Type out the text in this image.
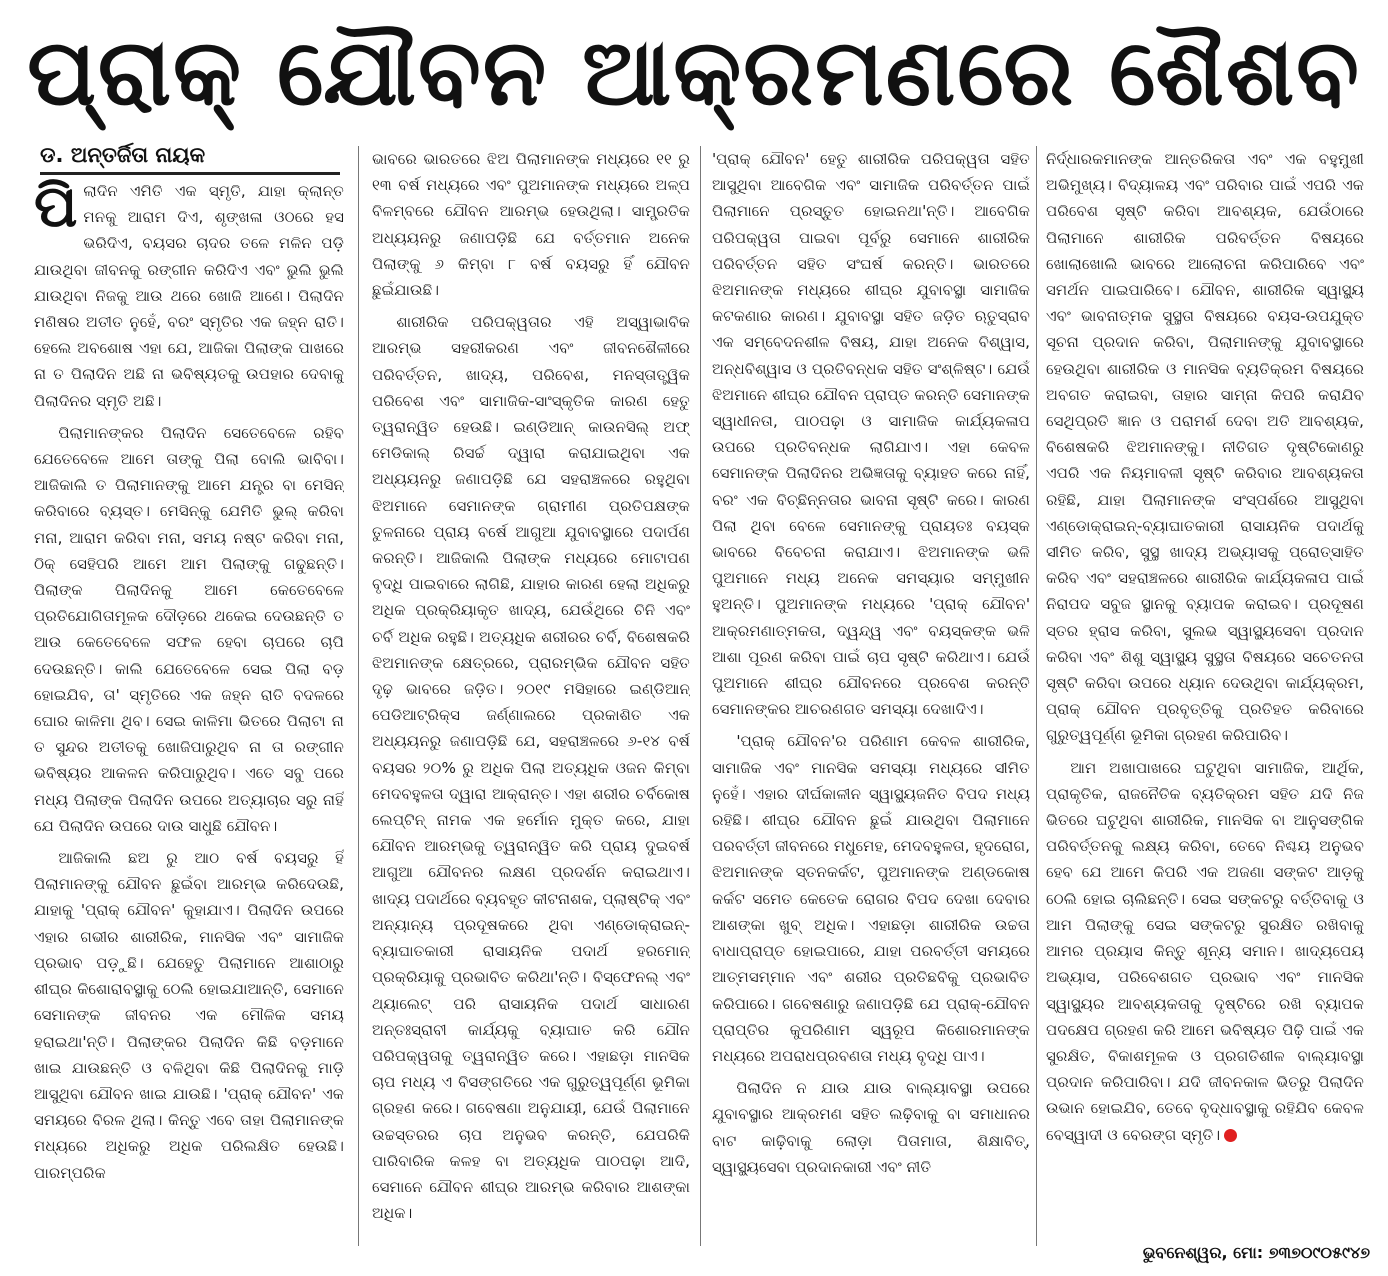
ପ୍ରାକ୍ ଯୌବନ ଆକ୍ରମଣରେ ଶୈଶବ
ଡ. ଅନ୍ତର୍ଜିତା ନାୟକ

ପିଲାଦିନ ଏମିତି ଏକ ସ୍ମୃତି, ଯାହା କ୍ଲାନ୍ତ ମନକୁ ଆରାମ ଦିଏ, ଶୃଙ୍ଖଳା ଓଠରେ ହସ ଭରିଦିଏ, ବୟସର ଚାଦର ତଳେ ମଳିନ ପଡ଼ି ଯାଉଥିବା ଜୀବନକୁ ରଙ୍ଗୀନ କରିଦିଏ ଏବଂ ଭୁଲି ଭୁଲି ଯାଉଥିବା ନିଜକୁ ଆଉ ଥରେ ଖୋଜି ଆଣେ। ପିଲାଦିନ ମଣିଷର ଅତୀତ ନୁହେଁ, ବରଂ ସ୍ମୃତିର ଏକ ଜହ୍ନ ରାତି। ହେଲେ ଅବଶୋଷ ଏହା ଯେ, ଆଜିକା ପିଲାଙ୍କ ପାଖରେ ନା ତ ପିଲାଦିନ ଅଛି ନା ଭବିଷ୍ୟତକୁ ଉପହାର ଦେବାକୁ ପିଲାଦିନର ସ୍ମୃତି ଅଛି।

ପିଲାମାନଙ୍କର ପିଲାଦିନ ସେତେବେଳେ ରହିବ ଯେତେବେଳେ ଆମେ ତାଙ୍କୁ ପିଲା ବୋଲି ଭାବିବା। ଆଜିକାଲି ତ ପିଲାମାନଙ୍କୁ ଆମେ ଯନ୍ତ୍ର ବା ମେସିନ୍ କରିବାରେ ବ୍ୟସ୍ତ। ମେସିନ୍‌କୁ ଯେମିତି ଭୁଲ୍ କରିବା ମନା, ଆରାମ କରିବା ମନା, ସମୟ ନଷ୍ଟ କରିବା ମନା, ଠିକ୍ ସେହିପରି ଆମେ ଆମ ପିଲାଙ୍କୁ ଗଢୁଛନ୍ତି। ପିଲାଙ୍କ ପିଲାଦିନକୁ ଆମେ କେତେବେଳେ ପ୍ରତିଯୋଗିତାମୂଳକ ଦୌଡ଼ରେ ଥକେଇ ଦେଉଛନ୍ତି ତ ଆଉ କେତେବେଳେ ସଫଳ ହେବା ଚାପରେ ଚାପି ଦେଉଛନ୍ତି। କାଲି ଯେତେବେଳେ ସେଇ ପିଲା ବଡ଼ ହୋଇଯିବ, ତା' ସ୍ମୃତିରେ ଏକ ଜହ୍ନ ରାତି ବଦଳରେ ଘୋର କାଳିମା ଥିବ। ସେଇ କାଳିମା ଭିତରେ ପିଲାଟା ନା ତ ସୁନ୍ଦର ଅତୀତକୁ ଖୋଜିପାରୁଥିବ ନା ତା ରଙ୍ଗୀନ ଭବିଷ୍ୟର ଆକଳନ କରିପାରୁଥିବ। ଏତେ ସବୁ ପରେ ମଧ୍ୟ ପିଲାଙ୍କ ପିଲାଦିନ ଉପରେ ଅତ୍ୟାଚାର ସରୁ ନାହିଁ ଯେ ପିଲାଦିନ ଉପରେ ଦାଉ ସାଧୁଛି ଯୌବନ।

ଆଜିକାଲି ଛଅ ରୁ ଆଠ ବର୍ଷ ବୟସରୁ ହିଁ ପିଲାମାନଙ୍କୁ ଯୌବନ ଛୁଇଁବା ଆରମ୍ଭ କରିଦେଉଛି, ଯାହାକୁ 'ପ୍ରାକ୍ ଯୌବନ' କୁହାଯାଏ। ପିଲାଦିନ ଉପରେ ଏହାର ଗଭୀର ଶାରୀରିକ, ମାନସିକ ଏବଂ ସାମାଜିକ ପ୍ରଭାବ ପଡ଼ୁଛି। ଯେହେତୁ ପିଲାମାନେ ଆଶାଠାରୁ ଶୀଘ୍ର କିଶୋରାବସ୍ଥାକୁ ଠେଲି ହୋଇଯାଆନ୍ତି, ସେମାନେ ସେମାନଙ୍କ ଜୀବନର ଏକ ମୌଳିକ ସମୟ ହରାଇଥା'ନ୍ତି। ପିଲାଙ୍କର ପିଲାଦିନ କିଛି ବଡ଼ମାନେ ଖାଇ ଯାଉଛନ୍ତି ଓ ବଳିଥିବା କିଛି ପିଲାଦିନକୁ ମାଡ଼ି ଆସୁଥିବା ଯୌବନ ଖାଇ ଯାଉଛି। 'ପ୍ରାକ୍ ଯୌବନ' ଏକ ସମୟରେ ବିରଳ ଥିଲା। କିନ୍ତୁ ଏବେ ତାହା ପିଲାମାନଙ୍କ ମଧ୍ୟରେ ଅଧିକରୁ ଅଧିକ ପରିଲକ୍ଷିତ ହେଉଛି। ପାରମ୍ପରିକ

ଭାବରେ ଭାରତରେ ଝିଅ ପିଲାମାନଙ୍କ ମଧ୍ୟରେ ୧୧ ରୁ ୧୩ ବର୍ଷ ମଧ୍ୟରେ ଏବଂ ପୁଅମାନଙ୍କ ମଧ୍ୟରେ ଅଳ୍ପ ବିଳମ୍ବରେ ଯୌବନ ଆରମ୍ଭ ହେଉଥିଲା। ସାମ୍ପ୍ରତିକ ଅଧ୍ୟୟନରୁ ଜଣାପଡ଼ିଛି ଯେ ବର୍ତ୍ତମାନ ଅନେକ ପିଲାଙ୍କୁ ୬ କିମ୍ବା ୮ ବର୍ଷ ବୟସରୁ ହିଁ ଯୌବନ ଛୁଇଁଯାଉଛି।

ଶାରୀରିକ ପରିପକ୍ୱତାର ଏହି ଅସ୍ୱାଭାବିକ ଆରମ୍ଭ ସହରୀକରଣ ଏବଂ ଜୀବନଶୈଳୀରେ ପରିବର୍ତ୍ତନ, ଖାଦ୍ୟ, ପରିବେଶ, ମନସ୍ତାତ୍ତ୍ୱିକ ପରିବେଶ ଏବଂ ସାମାଜିକ-ସାଂସ୍କୃତିକ କାରଣ ହେତୁ ତ୍ୱରାନ୍ୱିତ ହେଉଛି। ଇଣ୍ଡିଆନ୍ କାଉନସିଲ୍ ଅଫ୍ ମେଡିକାଲ୍ ରିସର୍ଚ୍ଚ ଦ୍ୱାରା କରାଯାଇଥିବା ଏକ ଅଧ୍ୟୟନରୁ ଜଣାପଡ଼ିଛି ଯେ ସହରାଞ୍ଚଳରେ ରହୁଥିବା ଝିଅମାନେ ସେମାନଙ୍କ ଗ୍ରାମୀଣ ପ୍ରତିପକ୍ଷଙ୍କ ତୁଳନାରେ ପ୍ରାୟ ବର୍ଷେ ଆଗୁଆ ଯୁବାବସ୍ଥାରେ ପଦାର୍ପଣ କରନ୍ତି। ଆଜିକାଲି ପିଲାଙ୍କ ମଧ୍ୟରେ ମୋଟାପଣ ବୃଦ୍ଧି ପାଇବାରେ ଲାଗିଛି, ଯାହାର କାରଣ ହେଲା ଅଧିକରୁ ଅଧିକ ପ୍ରକ୍ରିୟାକୃତ ଖାଦ୍ୟ, ଯେଉଁଥିରେ ଚିନି ଏବଂ ଚର୍ବି ଅଧିକ ରହୁଛି। ଅତ୍ୟଧିକ ଶରୀରର ଚର୍ବି, ବିଶେଷକରି ଝିଅମାନଙ୍କ କ୍ଷେତ୍ରରେ, ପ୍ରାରମ୍ଭିକ ଯୌବନ ସହିତ ଦୃଢ଼ ଭାବରେ ଜଡ଼ିତ। ୨୦୧୯ ମସିହାରେ ଇଣ୍ଡିଆନ୍ ପେଡିଆଟ୍ରିକ୍ସ ଜର୍ଣ୍ଣାଲରେ ପ୍ରକାଶିତ ଏକ ଅଧ୍ୟୟନରୁ ଜଣାପଡ଼ିଛି ଯେ, ସହରାଞ୍ଚଳରେ ୬-୧୪ ବର୍ଷ ବୟସର ୨୦% ରୁ ଅଧିକ ପିଲା ଅତ୍ୟଧିକ ଓଜନ କିମ୍ବା ମେଦବହୁଳତା ଦ୍ୱାରା ଆକ୍ରାନ୍ତ। ଏହା ଶରୀର ଚର୍ବିକୋଷ ଲେପ୍ଟିନ୍ ନାମକ ଏକ ହର୍ମୋନ ମୁକ୍ତ କରେ, ଯାହା ଯୌବନ ଆରମ୍ଭକୁ ତ୍ୱରାନ୍ୱିତ କରି ପ୍ରାୟ ଦୁଇବର୍ଷ ଆଗୁଆ ଯୌବନର ଲକ୍ଷଣ ପ୍ରଦର୍ଶନ କରାଇଥାଏ। ଖାଦ୍ୟ ପଦାର୍ଥରେ ବ୍ୟବହୃତ କୀଟନାଶକ, ପ୍ଲାଷ୍ଟିକ୍ ଏବଂ ଅନ୍ୟାନ୍ୟ ପ୍ରଦୂଷକରେ ଥିବା ଏଣ୍ଡୋକ୍ରାଇନ୍-ବ୍ୟାଘାତକାରୀ ରାସାୟନିକ ପଦାର୍ଥ ହରମୋନ୍ ପ୍ରକ୍ରିୟାକୁ ପ୍ରଭାବିତ କରିଥା'ନ୍ତି। ବିସ୍ଫେନଲ୍ ଏବଂ ଥ୍ୟାଲେଟ୍ ପରି ରାସାୟନିକ ପଦାର୍ଥ ସାଧାରଣ ଅନ୍ତଃସ୍ରାବୀ କାର୍ଯ୍ୟକୁ ବ୍ୟାଘାତ କରି ଯୌନ ପରିପକ୍ୱତାକୁ ତ୍ୱରାନ୍ୱିତ କରେ। ଏହାଛଡ଼ା ମାନସିକ ଚାପ ମଧ୍ୟ ଏ ବିସଙ୍ଗତିରେ ଏକ ଗୁରୁତ୍ୱପୂର୍ଣ୍ଣ ଭୂମିକା ଗ୍ରହଣ କରେ। ଗବେଷଣା ଅନୁଯାୟୀ, ଯେଉଁ ପିଲାମାନେ ଉଚ୍ଚସ୍ତରର ଚାପ ଅନୁଭବ କରନ୍ତି, ଯେପରିକି ପାରିବାରିକ କଳହ ବା ଅତ୍ୟଧିକ ପାଠପଢ଼ା ଆଦି, ସେମାନେ ଯୌବନ ଶୀଘ୍ର ଆରମ୍ଭ କରିବାର ଆଶଙ୍କା ଅଧିକ।

'ପ୍ରାକ୍ ଯୌବନ' ହେତୁ ଶାରୀରିକ ପରିପକ୍ୱତା ସହିତ ଆସୁଥିବା ଆବେଗିକ ଏବଂ ସାମାଜିକ ପରିବର୍ତ୍ତନ ପାଇଁ ପିଲାମାନେ ପ୍ରସ୍ତୁତ ହୋଇନଥା'ନ୍ତି। ଆବେଗିକ ପରିପକ୍ୱତା ପାଇବା ପୂର୍ବରୁ ସେମାନେ ଶାରୀରିକ ପରିବର୍ତ୍ତନ ସହିତ ସଂଘର୍ଷ କରନ୍ତି। ଭାରତରେ ଝିଅମାନଙ୍କ ମଧ୍ୟରେ ଶୀଘ୍ର ଯୁବାବସ୍ଥା ସାମାଜିକ କଟକଣାର କାରଣ। ଯୁବାବସ୍ଥା ସହିତ ଜଡ଼ିତ ଋତୁସ୍ରାବ ଏକ ସମ୍ବେଦନଶୀଳ ବିଷୟ, ଯାହା ଅନେକ ବିଶ୍ୱାସ, ଅନ୍ଧବିଶ୍ୱାସ ଓ ପ୍ରତିବନ୍ଧକ ସହିତ ସଂଶ୍ଳିଷ୍ଟ। ଯେଉଁ ଝିଅମାନେ ଶୀଘ୍ର ଯୌବନ ପ୍ରାପ୍ତ କରନ୍ତି ସେମାନଙ୍କ ସ୍ୱାଧୀନତା, ପାଠପଢ଼ା ଓ ସାମାଜିକ କାର୍ଯ୍ୟକଳାପ ଉପରେ ପ୍ରତିବନ୍ଧକ ଲାଗିଯାଏ। ଏହା କେବଳ ସେମାନଙ୍କ ପିଲାଦିନର ଅଭିଜ୍ଞତାକୁ ବ୍ୟାହତ କରେ ନାହିଁ, ବରଂ ଏକ ବିଚ୍ଛିନ୍ନତାର ଭାବନା ସୃଷ୍ଟି କରେ। କାରଣ ପିଲା ଥିବା ବେଳେ ସେମାନଙ୍କୁ ପ୍ରାୟତଃ ବୟସ୍କ ଭାବରେ ବିବେଚନା କରାଯାଏ। ଝିଅମାନଙ୍କ ଭଳି ପୁଅମାନେ ମଧ୍ୟ ଅନେକ ସମସ୍ୟାର ସମ୍ମୁଖୀନ ହୁଅନ୍ତି। ପୁଅମାନଙ୍କ ମଧ୍ୟରେ 'ପ୍ରାକ୍ ଯୌବନ' ଆକ୍ରମଣାତ୍ମକତା, ଦ୍ୱନ୍ଦ୍ୱ ଏବଂ ବୟସ୍କଙ୍କ ଭଳି ଆଶା ପୂରଣ କରିବା ପାଇଁ ଚାପ ସୃଷ୍ଟି କରିଥାଏ। ଯେଉଁ ପୁଅମାନେ ଶୀଘ୍ର ଯୌବନରେ ପ୍ରବେଶ କରନ୍ତି ସେମାନଙ୍କର ଆଚରଣଗତ ସମସ୍ୟା ଦେଖାଦିଏ।

'ପ୍ରାକ୍ ଯୌବନ'ର ପରିଣାମ କେବଳ ଶାରୀରିକ, ସାମାଜିକ ଏବଂ ମାନସିକ ସମସ୍ୟା ମଧ୍ୟରେ ସୀମିତ ନୁହେଁ। ଏହାର ଦୀର୍ଘକାଳୀନ ସ୍ୱାସ୍ଥ୍ୟଜନିତ ବିପଦ ମଧ୍ୟ ରହିଛି। ଶୀଘ୍ର ଯୌବନ ଛୁଇଁ ଯାଉଥିବା ପିଲାମାନେ ପରବର୍ତ୍ତୀ ଜୀବନରେ ମଧୁମେହ, ମେଦବହୁଳତା, ହୃଦରୋଗ, ଝିଅମାନଙ୍କ ସ୍ତନକର୍କଟ, ପୁଅମାନଙ୍କ ଅଣ୍ଡକୋଷ କର୍କଟ ସମେତ କେତେକ ରୋଗର ବିପଦ ଦେଖା ଦେବାର ଆଶଙ୍କା ଖୁବ୍ ଅଧିକ। ଏହାଛଡ଼ା ଶାରୀରିକ ଉଚ୍ଚତା ବାଧାପ୍ରାପ୍ତ ହୋଇପାରେ, ଯାହା ପରବର୍ତ୍ତୀ ସମୟରେ ଆତ୍ମସମ୍ମାନ ଏବଂ ଶରୀର ପ୍ରତିଛବିକୁ ପ୍ରଭାବିତ କରିପାରେ। ଗବେଷଣାରୁ ଜଣାପଡ଼ିଛି ଯେ ପ୍ରାକ୍-ଯୌବନ ପ୍ରାପ୍ତିର କୁପରିଣାମ ସ୍ୱରୂପ କିଶୋରମାନଙ୍କ ମଧ୍ୟରେ ଅପରାଧପ୍ରବଣତା ମଧ୍ୟ ବୃଦ୍ଧି ପାଏ।

ପିଲାଦିନ ନ ଯାଉ ଯାଉ ବାଲ୍ୟାବସ୍ଥା ଉପରେ ଯୁବାବସ୍ଥାର ଆକ୍ରମଣ ସହିତ ଲଢ଼ିବାକୁ ବା ସମାଧାନର ବାଟ କାଢ଼ିବାକୁ ଲୋଡ଼ା ପିତାମାତା, ଶିକ୍ଷାବିତ୍, ସ୍ୱାସ୍ଥ୍ୟସେବା ପ୍ରଦାନକାରୀ ଏବଂ ନୀତି

ନିର୍ଦ୍ଧାରକମାନଙ୍କ ଆନ୍ତରିକତା ଏବଂ ଏକ ବହୁମୁଖୀ ଅଭିମୁଖ୍ୟ। ବିଦ୍ୟାଳୟ ଏବଂ ପରିବାର ପାଇଁ ଏପରି ଏକ ପରିବେଶ ସୃଷ୍ଟି କରିବା ଆବଶ୍ୟକ, ଯେଉଁଠାରେ ପିଲାମାନେ ଶାରୀରିକ ପରିବର୍ତ୍ତନ ବିଷୟରେ ଖୋଲାଖୋଲି ଭାବରେ ଆଲୋଚନା କରିପାରିବେ ଏବଂ ସମର୍ଥନ ପାଇପାରିବେ। ଯୌବନ, ଶାରୀରିକ ସ୍ୱାସ୍ଥ୍ୟ ଏବଂ ଭାବନାତ୍ମକ ସୁସ୍ଥତା ବିଷୟରେ ବୟସ-ଉପଯୁକ୍ତ ସୂଚନା ପ୍ରଦାନ କରିବା, ପିଲାମାନଙ୍କୁ ଯୁବାବସ୍ଥାରେ ହେଉଥିବା ଶାରୀରିକ ଓ ମାନସିକ ବ୍ୟତିକ୍ରମ ବିଷୟରେ ଅବଗତ କରାଇବା, ତାହାର ସାମ୍ନା କିପରି କରାଯିବ ସେଥିପ୍ରତି ଜ୍ଞାନ ଓ ପରାମର୍ଶ ଦେବା ଅତି ଆବଶ୍ୟକ, ବିଶେଷକରି ଝିଅମାନଙ୍କୁ। ନୀତିଗତ ଦୃଷ୍ଟିକୋଣରୁ ଏପରି ଏକ ନିୟମାବଳୀ ସୃଷ୍ଟି କରିବାର ଆବଶ୍ୟକତା ରହିଛି, ଯାହା ପିଲାମାନଙ୍କ ସଂସ୍ପର୍ଶରେ ଆସୁଥିବା ଏଣ୍ଡୋକ୍ରାଇନ୍-ବ୍ୟାଘାତକାରୀ ରାସାୟନିକ ପଦାର୍ଥକୁ ସୀମିତ କରିବ, ସୁସ୍ଥ ଖାଦ୍ୟ ଅଭ୍ୟାସକୁ ପ୍ରୋତ୍ସାହିତ କରିବ ଏବଂ ସହରାଞ୍ଚଳରେ ଶାରୀରିକ କାର୍ଯ୍ୟକଳାପ ପାଇଁ ନିରାପଦ ସବୁଜ ସ୍ଥାନକୁ ବ୍ୟାପକ କରାଇବ। ପ୍ରଦୂଷଣ ସ୍ତର ହ୍ରାସ କରିବା, ସୁଲଭ ସ୍ୱାସ୍ଥ୍ୟସେବା ପ୍ରଦାନ କରିବା ଏବଂ ଶିଶୁ ସ୍ୱାସ୍ଥ୍ୟ ସୁସ୍ଥତା ବିଷୟରେ ସଚେତନତା ସୃଷ୍ଟି କରିବା ଉପରେ ଧ୍ୟାନ ଦେଉଥିବା କାର୍ଯ୍ୟକ୍ରମ, ପ୍ରାକ୍ ଯୌବନ ପ୍ରବୃତ୍ତିକୁ ପ୍ରତିହତ କରିବାରେ ଗୁରୁତ୍ୱପୂର୍ଣ୍ଣ ଭୂମିକା ଗ୍ରହଣ କରିପାରିବ।

ଆମ ଅଖାପାଖରେ ଘଟୁଥିବା ସାମାଜିକ, ଆର୍ଥିକ, ପ୍ରାକୃତିକ, ରାଜନୈତିକ ବ୍ୟତିକ୍ରମ ସହିତ ଯଦି ନିଜ ଭିତରେ ଘଟୁଥିବା ଶାରୀରିକ, ମାନସିକ ବା ଆନୁସଙ୍ଗିକ ପରିବର୍ତ୍ତନକୁ ଲକ୍ଷ୍ୟ କରିବା, ତେବେ ନିଶ୍ଚୟ ଅନୁଭବ ହେବ ଯେ ଆମେ କିପରି ଏକ ଅଜଣା ସଙ୍କଟ ଆଡ଼କୁ ଠେଲି ହୋଇ ଚାଲିଛନ୍ତି। ସେଇ ସଙ୍କଟରୁ ବର୍ତ୍ତିବାକୁ ଓ ଆମ ପିଲାଙ୍କୁ ସେଇ ସଙ୍କଟରୁ ସୁରକ୍ଷିତ ରଖିବାକୁ ଆମର ପ୍ରୟାସ କିନ୍ତୁ ଶୂନ୍ୟ ସମାନ। ଖାଦ୍ୟପେୟ ଅଭ୍ୟାସ, ପରିବେଶଗତ ପ୍ରଭାବ ଏବଂ ମାନସିକ ସ୍ୱାସ୍ଥ୍ୟର ଆବଶ୍ୟକତାକୁ ଦୃଷ୍ଟିରେ ରଖି ବ୍ୟାପକ ପଦକ୍ଷେପ ଗ୍ରହଣ କରି ଆମେ ଭବିଷ୍ୟତ ପିଢ଼ି ପାଇଁ ଏକ ସୁରକ୍ଷିତ, ବିକାଶମୂଳକ ଓ ପ୍ରଗତିଶୀଳ ବାଲ୍ୟାବସ୍ଥା ପ୍ରଦାନ କରିପାରିବା। ଯଦି ଜୀବନକାଳ ଭିତରୁ ପିଲାଦିନ ଉଭାନ ହୋଇଯିବ, ତେବେ ବୃଦ୍ଧାବସ୍ଥାକୁ ରହିଯିବ କେବଳ ବେସ୍ୱାଦୀ ଓ ବେରଙ୍ଗ ସ୍ମୃତି।

ଭୁବନେଶ୍ୱର, ମୋ: ୭୩୭୦୯୦୫୯୪୭
